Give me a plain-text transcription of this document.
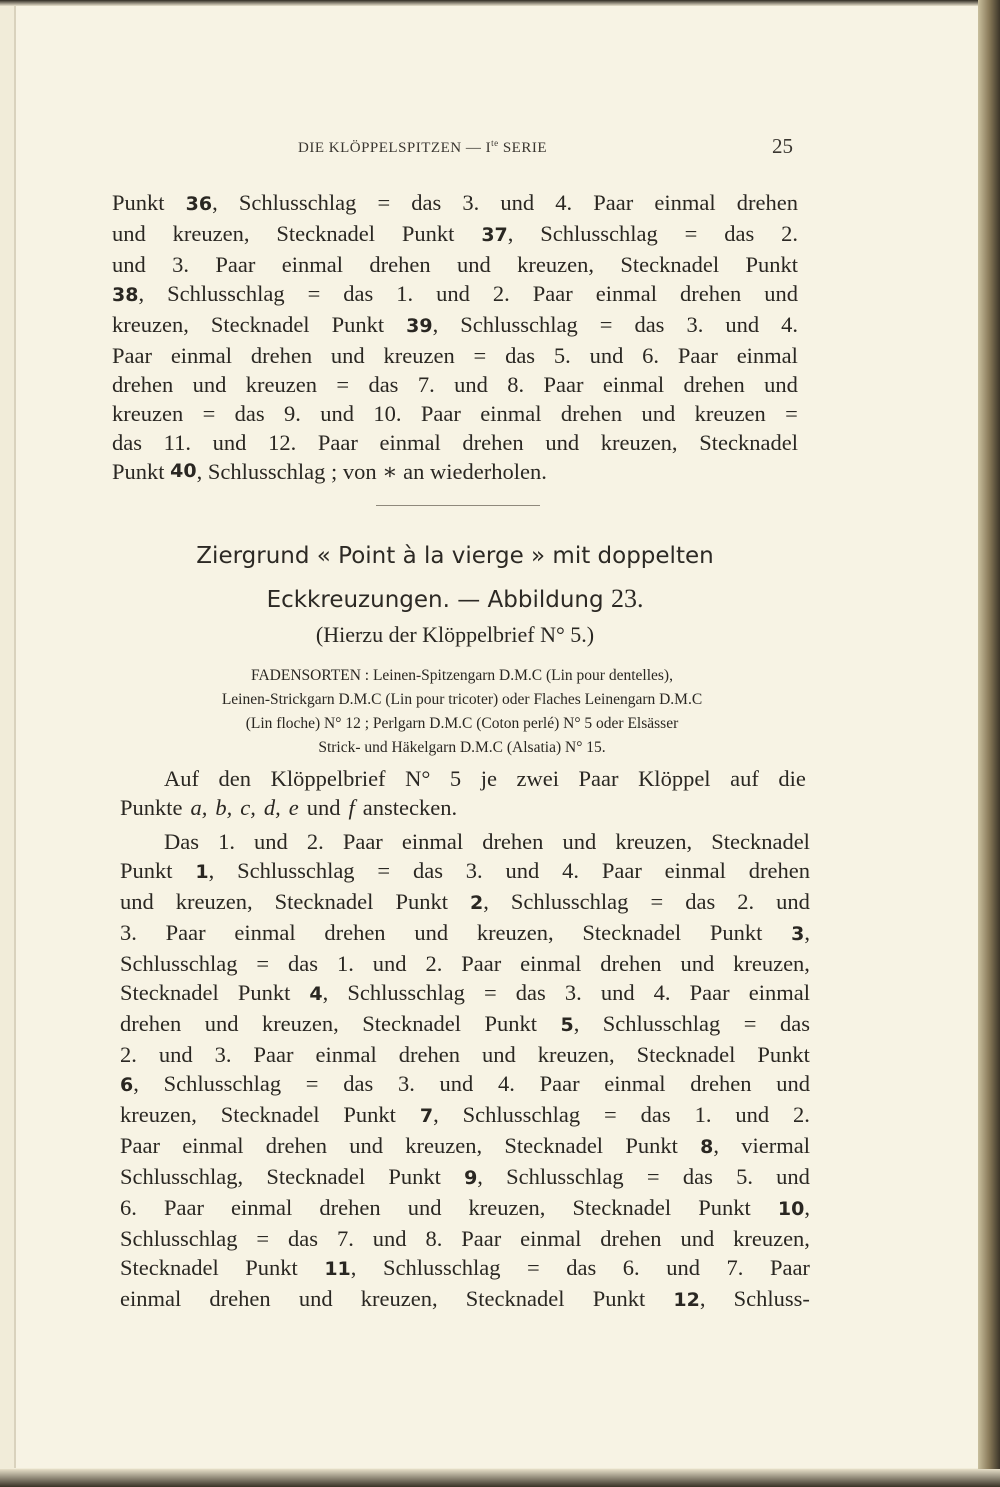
DIE KLÖPPELSPITZEN — $I^{te}$ SERIE	25
Punkt 36, Schlusschlag = das 3. und 4. Paar einmal drehen
und kreuzen, Stecknadel Punkt 37, Schlusschlag = das 2.
und 3. Paar einmal drehen und kreuzen, Stecknadel Punkt
38, Schlusschlag = das 1. und 2. Paar einmal drehen und
kreuzen, Stecknadel Punkt 39, Schlusschlag = das 3. und 4.
Paar einmal drehen und kreuzen = das 5. und 6. Paar einmal
drehen und kreuzen = das 7. und 8. Paar einmal drehen und
kreuzen = das 9. und 10. Paar einmal drehen und kreuzen =
das 11. und 12. Paar einmal drehen und kreuzen, Stecknadel
Punkt
40 , Schlusschlag ; von ∗ an wiederholen.
Ziergrund « Point à la vierge » mit doppelten
Eckkreuzungen. — Abbildung 23.
(Hierzu der Klöppelbrief N° 5.)
FADENSORTEN : Leinen-Spitzengarn D.M.C (Lin pour dentelles),
Leinen-Strickgarn D.M.C (Lin pour tricoter) oder Flaches Leinengarn D.M.C
(Lin floche) N° 12 ; Perlgarn D.M.C (Coton perlé) N° 5 oder Elsässer
Strick- und Häkelgarn D.M.C (Alsatia) N° 15.
Auf den Klöppelbrief N° 5 je zwei Paar Klöppel auf die
Punkte a, b, c, d, e und f anstecken.
Das 1. und 2. Paar einmal drehen und kreuzen, Stecknadel
Punkt 1, Schlusschlag = das 3. und 4. Paar einmal drehen
und kreuzen, Stecknadel Punkt 2, Schlusschlag = das 2. und
3. Paar einmal drehen und kreuzen, Stecknadel Punkt 3,
Schlusschlag = das 1. und 2. Paar einmal drehen und kreuzen,
Stecknadel Punkt 4, Schlusschlag = das 3. und 4. Paar einmal
drehen und kreuzen, Stecknadel Punkt 5, Schlusschlag = das
2. und 3. Paar einmal drehen und kreuzen, Stecknadel Punkt
6, Schlusschlag = das 3. und 4. Paar einmal drehen und
kreuzen, Stecknadel Punkt 7, Schlusschlag = das 1. und 2.
Paar einmal drehen und kreuzen, Stecknadel Punkt 8, viermal
Schlusschlag, Stecknadel Punkt 9, Schlusschlag = das 5. und
6. Paar einmal drehen und kreuzen, Stecknadel Punkt 10,
Schlusschlag = das 7. und 8. Paar einmal drehen und kreuzen,
Stecknadel Punkt 11, Schlusschlag = das 6. und 7. Paar
einmal drehen und kreuzen, Stecknadel Punkt 12, Schluss-
